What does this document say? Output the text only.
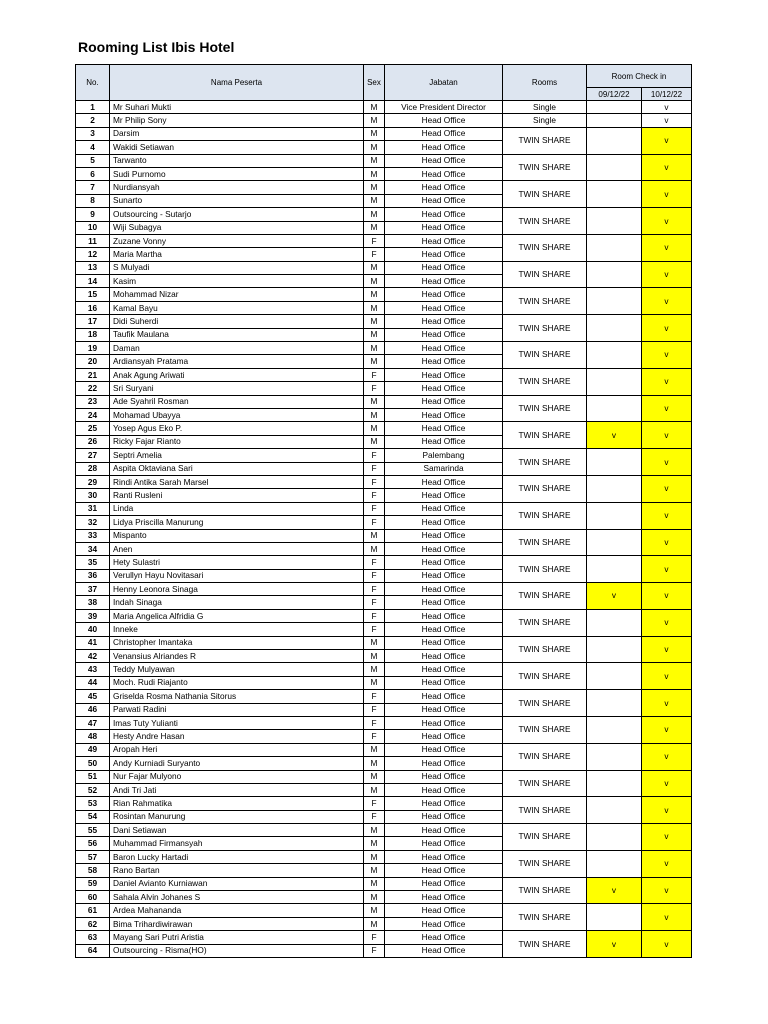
Rooming List Ibis Hotel
No.	Nama Peserta	Sex	Jabatan	Rooms	Room Check in	
					09/12/22	10/12/22
1	Mr Suhari Mukti	M	Vice President Director	Single		v
2	Mr Philip Sony	M	Head Office	Single		v
3	Darsim	M	Head Office	TWIN SHARE		v
4	Wakidi Setiawan	M	Head Office			
5	Tarwanto	M	Head Office	TWIN SHARE		v
6	Sudi Purnomo	M	Head Office			
7	Nurdiansyah	M	Head Office	TWIN SHARE		v
8	Sunarto	M	Head Office			
9	Outsourcing - Sutarjo	M	Head Office	TWIN SHARE		v
10	Wiji Subagya	M	Head Office			
11	Zuzane Vonny	F	Head Office	TWIN SHARE		v
12	Maria Martha	F	Head Office			
13	S Mulyadi	M	Head Office	TWIN SHARE		v
14	Kasim	M	Head Office			
15	Mohammad Nizar	M	Head Office	TWIN SHARE		v
16	Kamal Bayu	M	Head Office			
17	Didi Suherdi	M	Head Office	TWIN SHARE		v
18	Taufik Maulana	M	Head Office			
19	Daman	M	Head Office	TWIN SHARE		v
20	Ardiansyah Pratama	M	Head Office			
21	Anak Agung Ariwati	F	Head Office	TWIN SHARE		v
22	Sri Suryani	F	Head Office			
23	Ade Syahril Rosman	M	Head Office	TWIN SHARE		v
24	Mohamad Ubayya	M	Head Office			
25	Yosep Agus Eko P.	M	Head Office	TWIN SHARE	v	v
26	Ricky Fajar Rianto	M	Head Office			
27	Septri Amelia	F	Palembang	TWIN SHARE		v
28	Aspita Oktaviana Sari	F	Samarinda			
29	Rindi Antika Sarah Marsel	F	Head Office	TWIN SHARE		v
30	Ranti Rusleni	F	Head Office			
31	Linda	F	Head Office	TWIN SHARE		v
32	Lidya Priscilla Manurung	F	Head Office			
33	Mispanto	M	Head Office	TWIN SHARE		v
34	Anen	M	Head Office			
35	Hety Sulastri	F	Head Office	TWIN SHARE		v
36	Verullyn Hayu Novitasari	F	Head Office			
37	Henny Leonora Sinaga	F	Head Office	TWIN SHARE	v	v
38	Indah Sinaga	F	Head Office			
39	Maria Angelica Alfridia G	F	Head Office	TWIN SHARE		v
40	Inneke	F	Head Office			
41	Christopher Imantaka	M	Head Office	TWIN SHARE		v
42	Venansius Alriandes R	M	Head Office			
43	Teddy Mulyawan	M	Head Office	TWIN SHARE		v
44	Moch. Rudi Riajanto	M	Head Office			
45	Griselda Rosma Nathania Sitorus	F	Head Office	TWIN SHARE		v
46	Parwati Radini	F	Head Office			
47	Imas Tuty Yulianti	F	Head Office	TWIN SHARE		v
48	Hesty Andre Hasan	F	Head Office			
49	Aropah Heri	M	Head Office	TWIN SHARE		v
50	Andy Kurniadi Suryanto	M	Head Office			
51	Nur Fajar Mulyono	M	Head Office	TWIN SHARE		v
52	Andi Tri Jati	M	Head Office			
53	Rian Rahmatika	F	Head Office	TWIN SHARE		v
54	Rosintan Manurung	F	Head Office			
55	Dani Setiawan	M	Head Office	TWIN SHARE		v
56	Muhammad Firmansyah	M	Head Office			
57	Baron Lucky Hartadi	M	Head Office	TWIN SHARE		v
58	Rano Bartan	M	Head Office			
59	Daniel Avianto Kurniawan	M	Head Office	TWIN SHARE	v	v
60	Sahala Alvin Johanes S	M	Head Office			
61	Ardea Mahananda	M	Head Office	TWIN SHARE		v
62	Bima Trihardiwirawan	M	Head Office			
63	Mayang Sari Putri Aristia	F	Head Office	TWIN SHARE	v	v
64	Outsourcing - Risma(HO)	F	Head Office			
